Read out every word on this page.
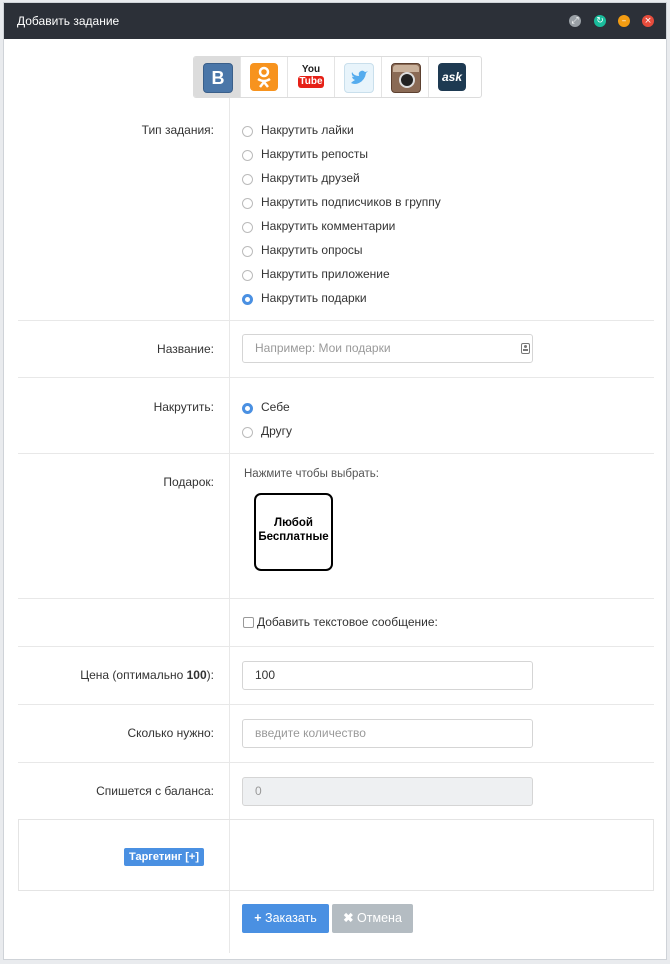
Добавить задание	⤢ ↻	–	×
B	You
Tube	ask
Тип задания:	Накрутить лайки
Накрутить репосты
Накрутить друзей
Накрутить подписчиков в группу
Накрутить комментарии
Накрутить опросы
Накрутить приложение
Накрутить подарки
Название:	Например: Мои подарки
Накрутить:	Себе
Другу
Подарок:
Нажмите чтобы выбрать:
Любой
Бесплатные
Добавить текстовое сообщение:
Цена (оптимально 100):	100
Сколько нужно:	введите количество
Спишется с баланса:	0
Таргетинг [+]
+ Заказать	✖ Отмена
